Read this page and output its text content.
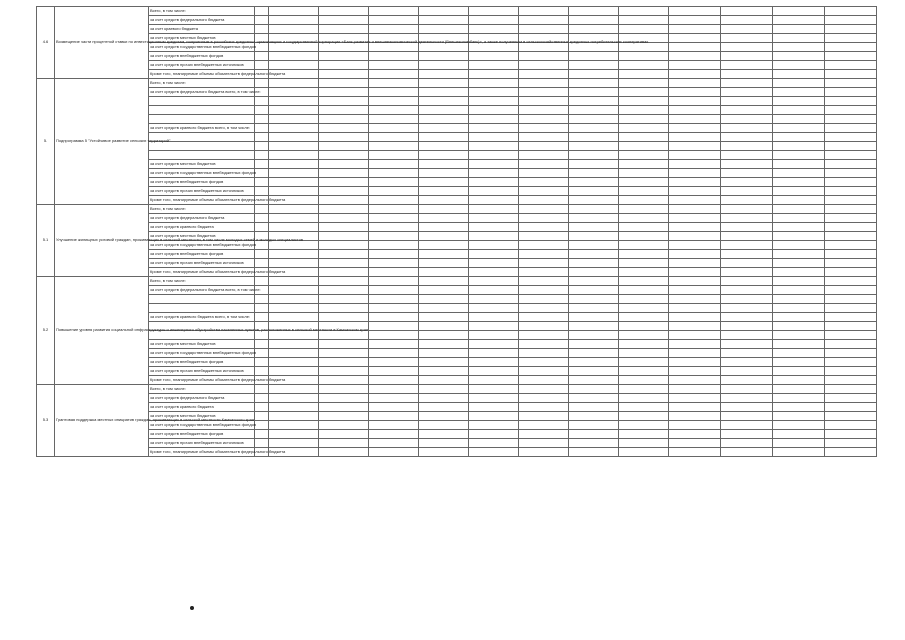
4.6	Возмещение части процентной ставки по инвестиционным кредитам, полученным в российских кредитных организациях и государственной корпорации «Банк развития и внешнеэкономической деятельности (Внешэкономбанк)», а также полученным в сельскохозяйственных кредитных потребительских кооперативах	Всего, в том числе:													
		за счет средств федерального бюджета													
		за счет краевого бюджета													
		за счет средств местных бюджетов													
		за счет средств государственных внебюджетных фондов													
		за счет средств внебюджетных фондов													
		за счет средств прочих внебюджетных источников													
		Кроме того, планируемые объемы обязательств федерального бюджета													
5.	Подпрограмма 5 "Устойчивое развитие сельских территорий"	Всего, в том числе:													
		за счет средств федерального бюджета всего, в том числе:													

		за счет средств краевого бюджета всего, в том числе:													

		за счет средств местных бюджетов													
		за счет средств государственных внебюджетных фондов													
		за счет средств внебюджетных фондов													
		за счет средств прочих внебюджетных источников													
		Кроме того, планируемые объемы обязательств федерального бюджета													
5.1	Улучшение жилищных условий граждан, проживающих в сельской местности, в том числе молодых семей и молодых специалистов	Всего, в том числе:													
		за счет средств федерального бюджета													
		за счет средств краевого бюджета													
		за счет средств местных бюджетов													
		за счет средств государственных внебюджетных фондов													
		за счет средств внебюджетных фондов													
		за счет средств прочих внебюджетных источников													
		Кроме того, планируемые объемы обязательств федерального бюджета													
5.2	Повышение уровня развития социальной инфраструктуры и инженерного обустройства населенных пунктов, расположенных в сельской местности в Камчатском крае	Всего, в том числе:													
		за счет средств федерального бюджета всего, в том числе:													

		за счет средств краевого бюджета всего, в том числе:													

		за счет средств местных бюджетов													
		за счет средств государственных внебюджетных фондов													
		за счет средств внебюджетных фондов													
		за счет средств прочих внебюджетных источников													
		Кроме того, планируемые объемы обязательств федерального бюджета													
5.3	Грантовая поддержка местных инициатив граждан, проживающих в сельской местности Камчатского края	Всего, в том числе:													
		за счет средств федерального бюджета													
		за счет средств краевого бюджета													
		за счет средств местных бюджетов													
		за счет средств государственных внебюджетных фондов													
		за счет средств внебюджетных фондов													
		за счет средств прочих внебюджетных источников													
		Кроме того, планируемые объемы обязательств федерального бюджета													
